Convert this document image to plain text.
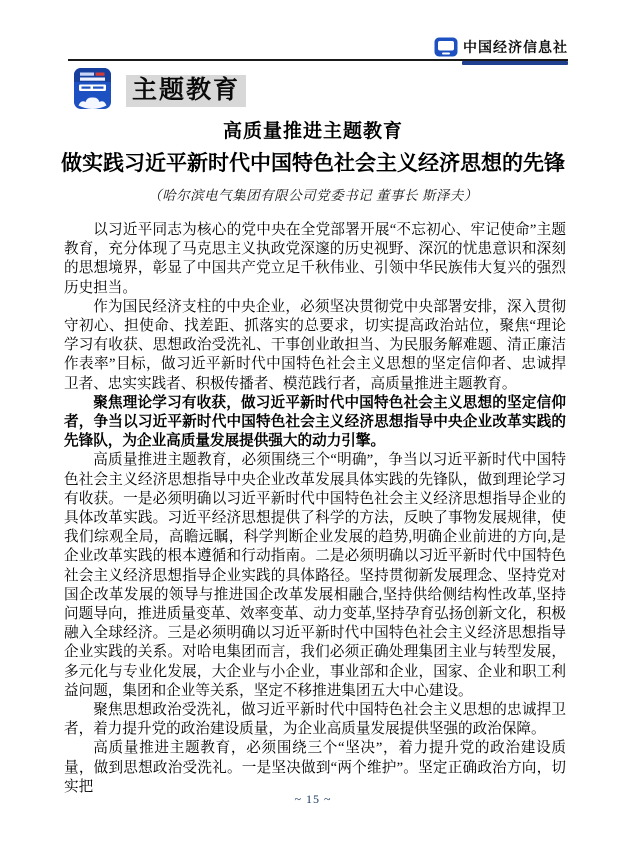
中国经济信息社
主题教育
高质量推进主题教育
做实践习近平新时代中国特色社会主义经济思想的先锋
（哈尔滨电气集团有限公司党委书记 董事长 斯泽夫）

以习近平同志为核心的党中央在全党部署开展“不忘初心、牢记使命”主题教育，充分体现了马克思主义执政党深邃的历史视野、深沉的忧患意识和深刻的思想境界，彰显了中国共产党立足千秋伟业、引领中华民族伟大复兴的强烈历史担当。

作为国民经济支柱的中央企业，必须坚决贯彻党中央部署安排，深入贯彻守初心、担使命、找差距、抓落实的总要求，切实提高政治站位，聚焦“理论学习有收获、思想政治受洗礼、干事创业敢担当、为民服务解难题、清正廉洁作表率”目标，做习近平新时代中国特色社会主义思想的坚定信仰者、忠诚捍卫者、忠实实践者、积极传播者、模范践行者，高质量推进主题教育。

聚焦理论学习有收获，做习近平新时代中国特色社会主义思想的坚定信仰者，争当以习近平新时代中国特色社会主义经济思想指导中央企业改革实践的先锋队，为企业高质量发展提供强大的动力引擎。

高质量推进主题教育，必须围绕三个“明确”，争当以习近平新时代中国特色社会主义经济思想指导中央企业改革发展具体实践的先锋队，做到理论学习有收获。一是必须明确以习近平新时代中国特色社会主义经济思想指导企业的具体改革实践。习近平经济思想提供了科学的方法，反映了事物发展规律，使我们综观全局，高瞻远瞩，科学判断企业发展的趋势,明确企业前进的方向,是企业改革实践的根本遵循和行动指南。二是必须明确以习近平新时代中国特色社会主义经济思想指导企业实践的具体路径。坚持贯彻新发展理念、坚持党对国企改革发展的领导与推进国企改革发展相融合,坚持供给侧结构性改革,坚持问题导向，推进质量变革、效率变革、动力变革,坚持孕育弘扬创新文化，积极融入全球经济。三是必须明确以习近平新时代中国特色社会主义经济思想指导企业实践的关系。对哈电集团而言，我们必须正确处理集团主业与转型发展，多元化与专业化发展，大企业与小企业，事业部和企业，国家、企业和职工利益问题，集团和企业等关系，坚定不移推进集团五大中心建设。

聚焦思想政治受洗礼，做习近平新时代中国特色社会主义思想的忠诚捍卫者，着力提升党的政治建设质量，为企业高质量发展提供坚强的政治保障。

高质量推进主题教育，必须围绕三个“坚决”，着力提升党的政治建设质量，做到思想政治受洗礼。一是坚决做到“两个维护”。坚定正确政治方向，切实把

~ 15 ~
